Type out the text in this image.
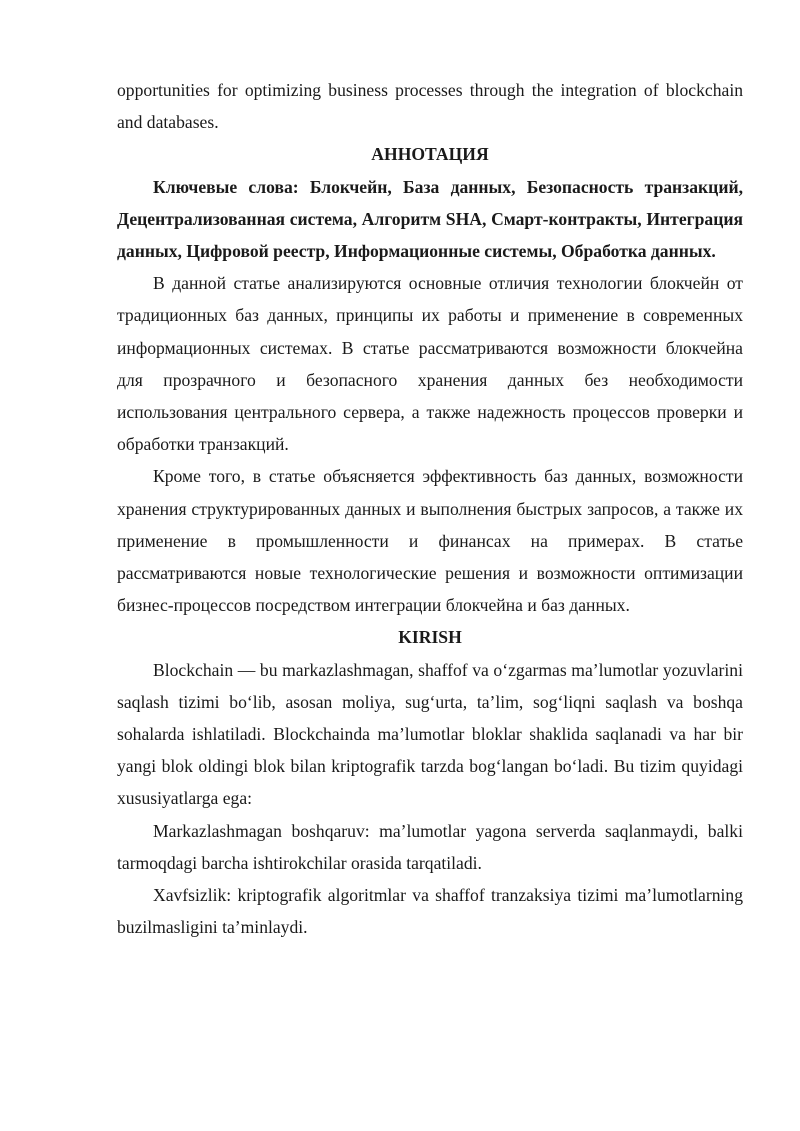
opportunities for optimizing business processes through the integration of blockchain and databases.

АННОТАЦИЯ

Ключевые слова: Блокчейн, База данных, Безопасность транзакций, Децентрализованная система, Алгоритм SHA, Смарт-контракты, Интеграция данных, Цифровой реестр, Информационные системы, Обработка данных.

В данной статье анализируются основные отличия технологии блокчейн от традиционных баз данных, принципы их работы и применение в современных информационных системах. В статье рассматриваются возможности блокчейна для прозрачного и безопасного хранения данных без необходимости использования центрального сервера, а также надежность процессов проверки и обработки транзакций.

Кроме того, в статье объясняется эффективность баз данных, возможности хранения структурированных данных и выполнения быстрых запросов, а также их применение в промышленности и финансах на примерах. В статье рассматриваются новые технологические решения и возможности оптимизации бизнес-процессов посредством интеграции блокчейна и баз данных.

KIRISH

Blockchain — bu markazlashmagan, shaffof va o‘zgarmas ma’lumotlar yozuvlarini saqlash tizimi bo‘lib, asosan moliya, sug‘urta, ta’lim, sog‘liqni saqlash va boshqa sohalarda ishlatiladi. Blockchainda ma’lumotlar bloklar shaklida saqlanadi va har bir yangi blok oldingi blok bilan kriptografik tarzda bog‘langan bo‘ladi. Bu tizim quyidagi xususiyatlarga ega:

Markazlashmagan boshqaruv: ma’lumotlar yagona serverda saqlanmaydi, balki tarmoqdagi barcha ishtirokchilar orasida tarqatiladi.

Xavfsizlik: kriptografik algoritmlar va shaffof tranzaksiya tizimi ma’lumotlarning buzilmasligini ta’minlaydi.
